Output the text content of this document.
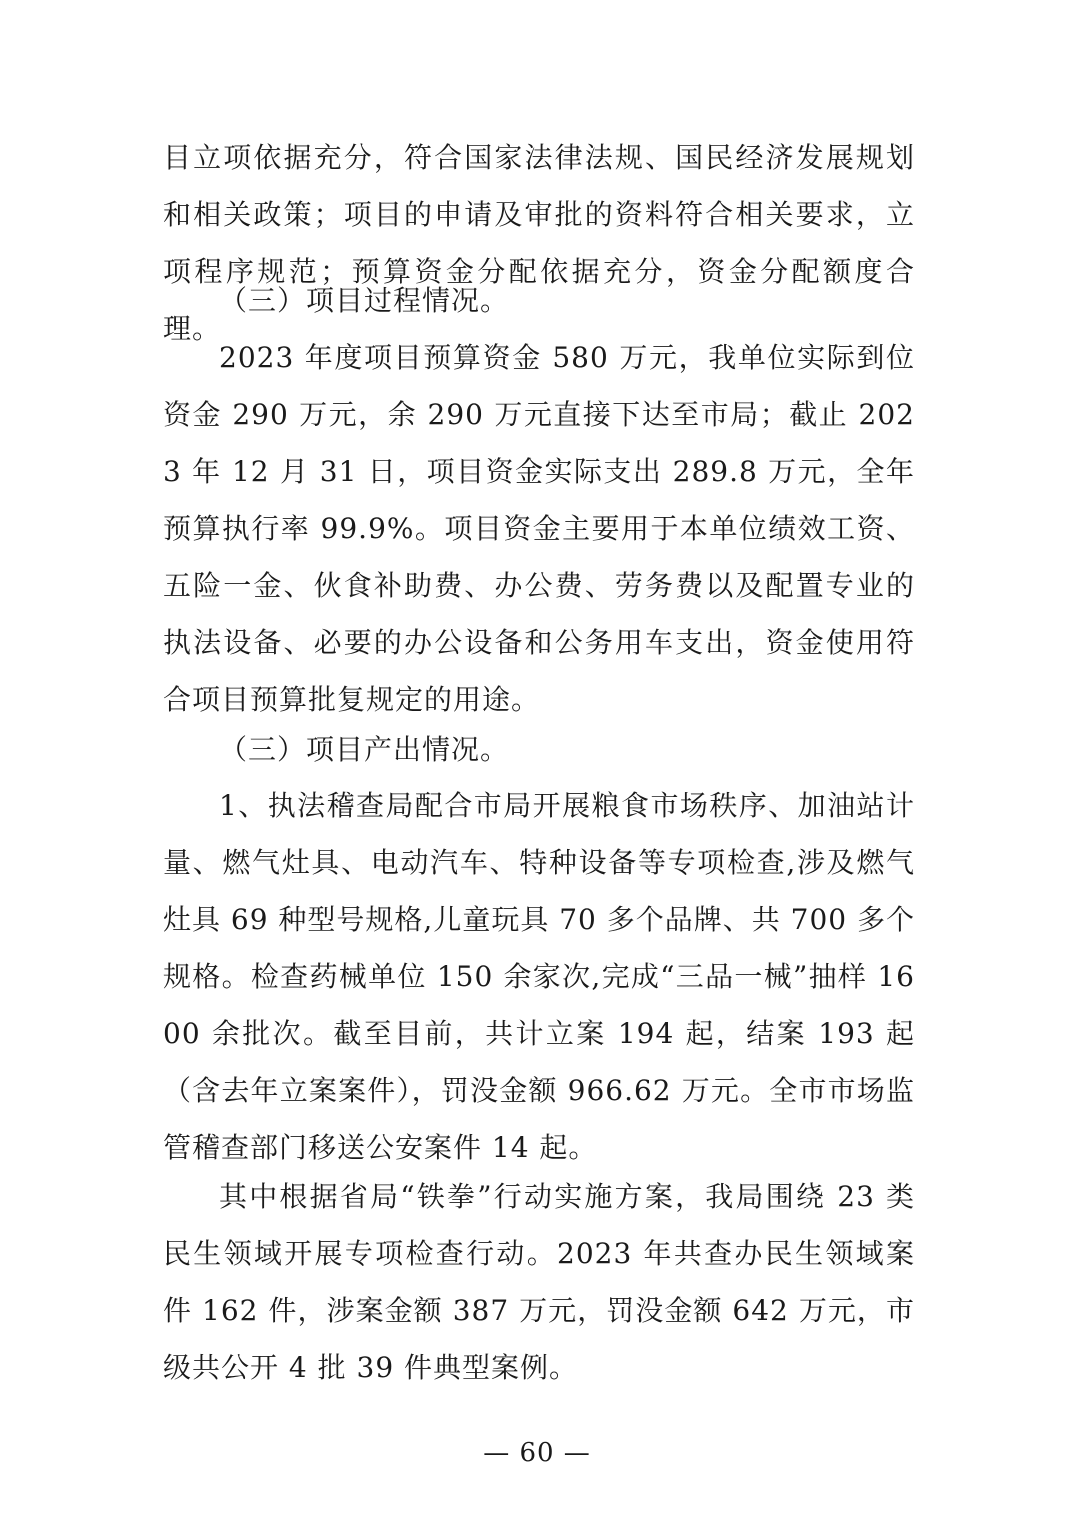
目立项依据充分，符合国家法律法规、国民经济发展规划和相关政策；项目的申请及审批的资料符合相关要求，立项程序规范；预算资金分配依据充分，资金分配额度合理。

（三）项目过程情况。

2023 年度项目预算资金 580 万元，我单位实际到位资金 290 万元，余 290 万元直接下达至市局；截止 2023 年 12 月 31 日，项目资金实际支出 289.8 万元，全年预算执行率 99.9%。项目资金主要用于本单位绩效工资、五险一金、伙食补助费、办公费、劳务费以及配置专业的执法设备、必要的办公设备和公务用车支出，资金使用符合项目预算批复规定的用途。

（三）项目产出情况。

1、执法稽查局配合市局开展粮食市场秩序、加油站计量、燃气灶具、电动汽车、特种设备等专项检查,涉及燃气灶具 69 种型号规格,儿童玩具 70 多个品牌、共 700 多个规格。检查药械单位 150 余家次,完成“三品一械”抽样 1600 余批次。截至目前，共计立案 194 起，结案 193 起（含去年立案案件），罚没金额 966.62 万元。全市市场监管稽查部门移送公安案件 14 起。

其中根据省局“铁拳”行动实施方案，我局围绕 23 类民生领域开展专项检查行动。2023 年共查办民生领域案件 162 件，涉案金额 387 万元，罚没金额 642 万元，市级共公开 4 批 39 件典型案例。

— 60 —
